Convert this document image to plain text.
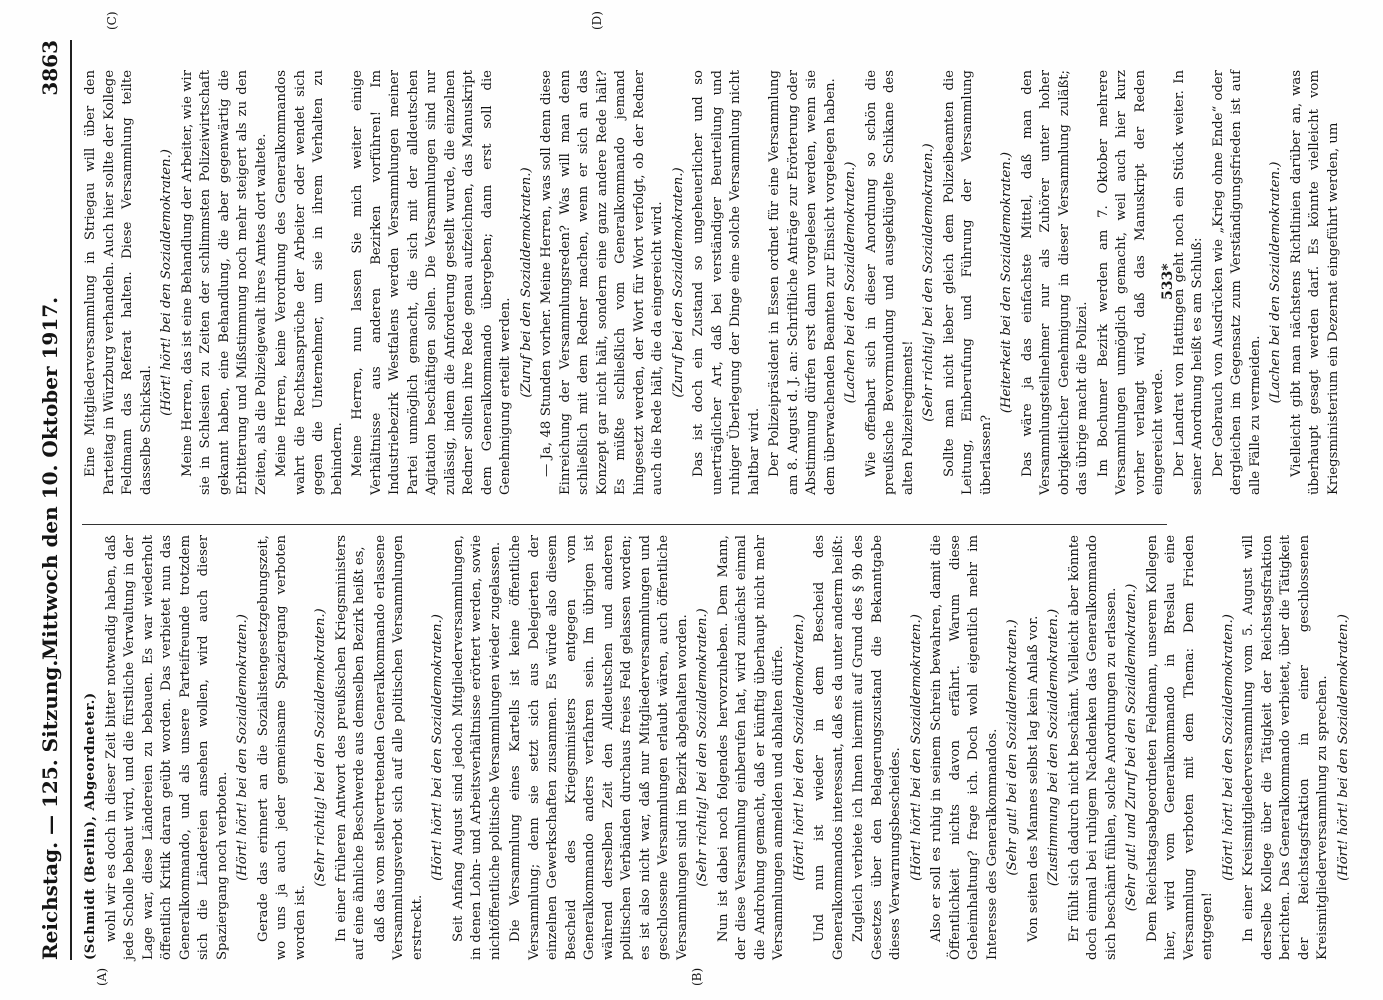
Reichstag. — 125. Sitzung.
Mittwoch den 10. Oktober 1917.
3863
(A)	(B)
(C)	(D)

(Schmidt (Berlin), Abgeordneter.) wohl wir es doch in dieser Zeit bitter notwendig haben, daß jede Scholle bebaut wird, und die fürstliche Verwaltung in der Lage war, diese Ländereien zu bebauen. Es war wiederholt öffentlich Kritik daran geübt worden. Das verbietet nun das Generalkommando, und als unsere Parteifreunde trotzdem sich die Ländereien ansehen wollen, wird auch dieser Spaziergang noch verboten. (Hört! hört! bei den Sozialdemokraten.) Gerade das erinnert an die Sozialistengesetzgebungszeit, wo uns ja auch jeder gemeinsame Spaziergang verboten worden ist.

(Sehr richtig! bei den Sozialdemokraten.) In einer früheren Antwort des preußischen Kriegsministers auf eine ähnliche Beschwerde aus demselben Bezirk heißt es, daß das vom stellvertretenden Generalkommando erlassene Versammlungsverbot sich auf alle politischen Versammlungen erstreckt.

(Hört! hört! bei den Sozialdemokraten.) Seit Anfang August sind jedoch Mitgliederversammlungen, in denen Lohn- und Arbeitsverhältnisse erörtert werden, sowie nichtöffentliche politische Versammlungen wieder zugelassen. Die Versammlung eines Kartells ist keine öffentliche Versammlung; denn sie setzt sich aus Delegierten der einzelnen Gewerkschaften zusammen. Es würde also diesem Bescheid des Kriegsministers entgegen vom Generalkommando anders verfahren sein. Im übrigen ist während derselben Zeit den Alldeutschen und anderen politischen Verbänden durchaus freies Feld gelassen worden; es ist also nicht war, daß nur Mitgliederversammlungen und geschlossene Versammlungen erlaubt wären, auch öffentliche Versammlungen sind im Bezirk abgehalten worden. (Sehr richtig! bei den Sozialdemokraten.) Nun ist dabei noch folgendes hervorzuheben. Dem Mann, der diese Versammlung einberufen hat, wird zunächst einmal die Androhung gemacht, daß er künftig überhaupt nicht mehr Versammlungen anmelden und abhalten dürfe. (Hört! hört! bei den Sozialdemokraten.) Und nun ist wieder in dem Bescheid des Generalkommandos interessant, daß es da unter anderm heißt: Zugleich verbiete ich Ihnen hiermit auf Grund des § 9b des Gesetzes über den Belagerungszustand die Bekanntgabe dieses Verwarnungsbescheides. (Hört! hört! bei den Sozialdemokraten.) Also er soll es ruhig in seinem Schrein bewahren, damit die Öffentlichkeit nichts davon erfährt. Warum diese Geheimhaltung? frage ich. Doch wohl eigentlich mehr im Interesse des Generalkommandos. (Sehr gut! bei den Sozialdemokraten.) Von seiten des Mannes selbst lag kein Anlaß vor. (Zustimmung bei den Sozialdemokraten.) Er fühlt sich dadurch nicht beschämt. Vielleicht aber könnte doch einmal bei ruhigem Nachdenken das Generalkommando sich beschämt fühlen, solche Anordnungen zu erlassen. (Sehr gut! und Zuruf bei den Sozialdemokraten.) Dem Reichstagsabgeordneten Feldmann, unserem Kollegen hier, wird vom Generalkommando in Breslau eine Versammlung verboten mit dem Thema: Dem Frieden entgegen!

(Hört! hört! bei den Sozialdemokraten.) In einer Kreismitgliederversammlung vom 5. August will derselbe Kollege über die Tätigkeit der Reichstagsfraktion berichten. Das Generalkommando verbietet, über die Tätigkeit der Reichstagsfraktion in einer geschlossenen Kreismitgliederversammlung zu sprechen. (Hört! hört! bei den Sozialdemokraten.)

Eine Mitgliederversammlung in Striegau will über den Parteitag in Würzburg verhandeln. Auch hier sollte der Kollege Feldmann das Referat halten. Diese Versammlung teilte dasselbe Schicksal.

(Hört! hört! bei den Sozialdemokraten.) Meine Herren, das ist eine Behandlung der Arbeiter, wie wir sie in Schlesien zu Zeiten der schlimmsten Polizeiwirtschaft gekannt haben, eine Behandlung, die aber gegenwärtig die Erbitterung und Mißstimmung noch mehr steigert als zu den Zeiten, als die Polizeigewalt ihres Amtes dort waltete. Meine Herren, keine Verordnung des Generalkommandos wahrt die Rechtsansprüche der Arbeiter oder wendet sich gegen die Unternehmer, um sie in ihrem Verhalten zu behindern. Meine Herren, nun lassen Sie mich weiter einige Verhältnisse aus anderen Bezirken vorführen! Im Industriebezirk Westfalens werden Versammlungen meiner Partei unmöglich gemacht, die sich mit der alldeutschen Agitation beschäftigen sollen. Die Versammlungen sind nur zulässig, indem die Anforderung gestellt wurde, die einzelnen Redner sollten ihre Rede genau aufzeichnen, das Manuskript dem Generalkommando übergeben; dann erst soll die Genehmigung erteilt werden. (Zuruf bei den Sozialdemokraten.) — Ja, 48 Stunden vorher. Meine Herren, was soll denn diese Einreichung der Versammlungsreden? Was will man denn schließlich mit dem Redner machen, wenn er sich an das Konzept gar nicht hält, sondern eine ganz andere Rede hält? Es müßte schließlich vom Generalkommando jemand hingesetzt werden, der Wort für Wort verfolgt, ob der Redner auch die Rede hält, die da eingereicht wird. (Zuruf bei den Sozialdemokraten.) Das ist doch ein Zustand so ungeheuerlicher und so unerträglicher Art, daß bei verständiger Beurteilung und ruhiger Überlegung der Dinge eine solche Versammlung nicht haltbar wird. Der Polizeipräsident in Essen ordnet für eine Versammlung am 8. August d. J. an: Schriftliche Anträge zur Erörterung oder Abstimmung dürfen erst dann vorgelesen werden, wenn sie dem überwachenden Beamten zur Einsicht vorgelegen haben. (Lachen bei den Sozialdemokraten.) Wie offenbart sich in dieser Anordnung so schön die preußische Bevormundung und ausgeklügelte Schikane des alten Polizeiregiments! (Sehr richtig! bei den Sozialdemokraten.) Sollte man nicht lieber gleich dem Polizeibeamten die Leitung, Einberufung und Führung der Versammlung überlassen?

(Heiterkeit bei den Sozialdemokraten.) Das wäre ja das einfachste Mittel, daß man den Versammlungsteilnehmer nur als Zuhörer unter hoher obrigkeitlicher Genehmigung in dieser Versammlung zuläßt; das übrige macht die Polizei. Im Bochumer Bezirk werden am 7. Oktober mehrere Versammlungen unmöglich gemacht, weil auch hier kurz vorher verlangt wird, daß das Manuskript der Reden eingereicht werde. Der Landrat von Hattingen geht noch ein Stück weiter. In seiner Anordnung heißt es am Schluß: Der Gebrauch von Ausdrücken wie „Krieg ohne Ende“ oder dergleichen im Gegensatz zum Verständigungsfrieden ist auf alle Fälle zu vermeiden.

(Lachen bei den Sozialdemokraten.) Vielleicht gibt man nächstens Richtlinien darüber an, was überhaupt gesagt werden darf. Es könnte vielleicht vom Kriegsministerium ein Dezernat eingeführt werden, um

533*
